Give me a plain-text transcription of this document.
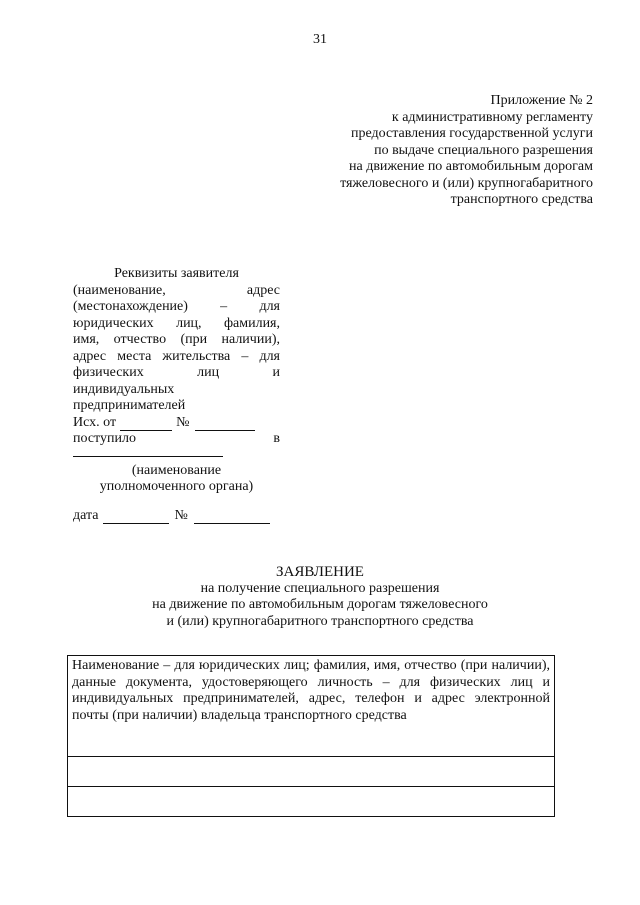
31
Приложение № 2
к административному регламенту
предоставления государственной услуги
по выдаче специального разрешения
на движение по автомобильным дорогам
тяжеловесного и (или) крупногабаритного
транспортного средства
Реквизиты заявителя
(наименование, адрес
(местонахождение) – для
юридических лиц, фамилия,
имя, отчество (при наличии),
адрес места жительства – для
физических лиц и
индивидуальных
предпринимателей
Исх. от	№
поступило	в
(наименование
уполномоченного органа)
дата	№
ЗАЯВЛЕНИЕ
на получение специального разрешения
на движение по автомобильным дорогам тяжеловесного
и (или) крупногабаритного транспортного средства
Наименование – для юридических лиц; фамилия, имя, отчество (при наличии), данные документа, удостоверяющего личность – для физических лиц и индивидуальных предпринимателей, адрес, телефон и адрес электронной почты (при наличии) владельца транспортного средства
